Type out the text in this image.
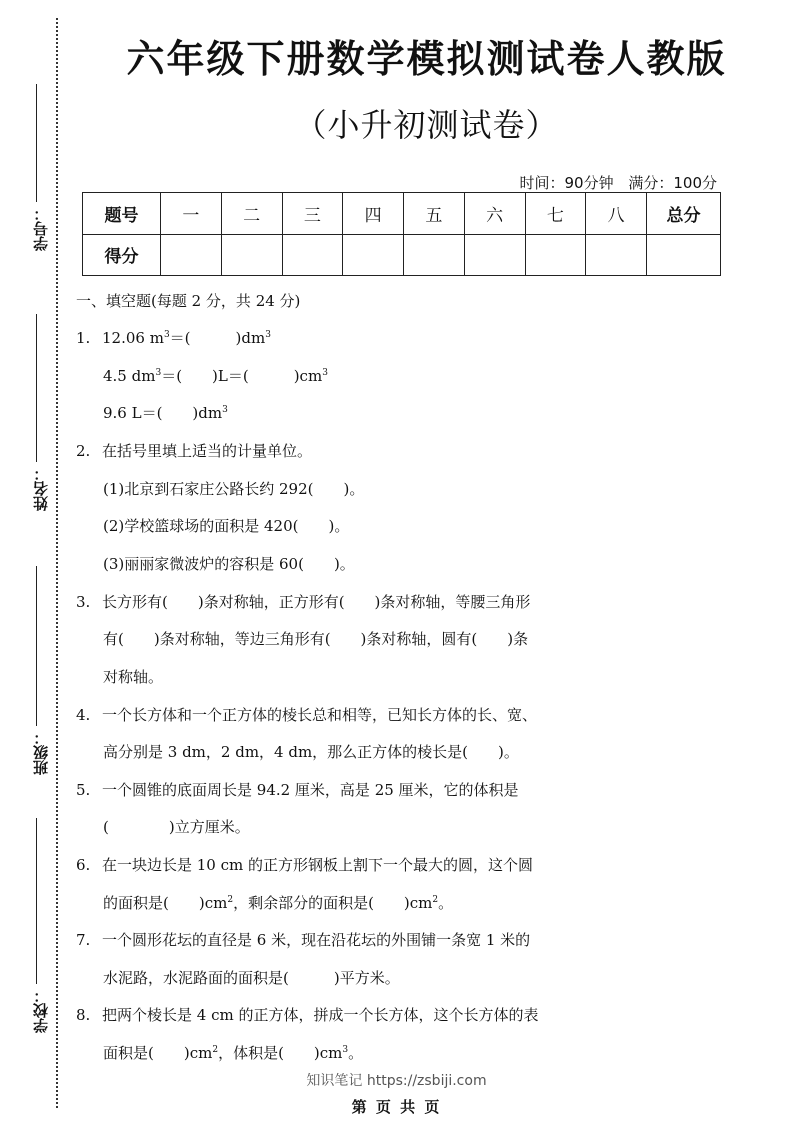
学号：
姓名：
班级：
学校：
六年级下册数学模拟测试卷人教版
（小升初测试卷）
时间：90分钟 满分：100分
题号	一	二	三	四	五	六	七	八	总分
得分									
一、填空题(每题 2 分，共 24 分)
1. 12.06 $m^3=$(　　　)$dm^3$
4.5 $dm^3=$(　　)L＝(　　　)$cm^3$
9.6 L＝(　　)$dm^3$
2. 在括号里填上适当的计量单位。
(1)北京到石家庄公路长约 292(　　)。
(2)学校篮球场的面积是 420(　　)。
(3)丽丽家微波炉的容积是 60(　　)。
3. 长方形有(　　)条对称轴，正方形有(　　)条对称轴，等腰三角形
有(　　)条对称轴，等边三角形有(　　)条对称轴，圆有(　　)条
对称轴。
4. 一个长方体和一个正方体的棱长总和相等，已知长方体的长、宽、
高分别是 3 dm，2 dm，4 dm，那么正方体的棱长是(　　)。
5. 一个圆锥的底面周长是 94.2 厘米，高是 25 厘米，它的体积是
(　　　　)立方厘米。
6. 在一块边长是 10 cm 的正方形钢板上割下一个最大的圆，这个圆
的面积是(　　)$cm^2$，剩余部分的面积是(　　)$cm^2$。
7. 一个圆形花坛的直径是 6 米，现在沿花坛的外围铺一条宽 1 米的
水泥路，水泥路面的面积是(　　　)平方米。
8. 把两个棱长是 4 cm 的正方体，拼成一个长方体，这个长方体的表
面积是(　　)$cm^2$，体积是(　　)$cm^3$。
知识笔记 https://zsbiji.com
第 页 共 页
